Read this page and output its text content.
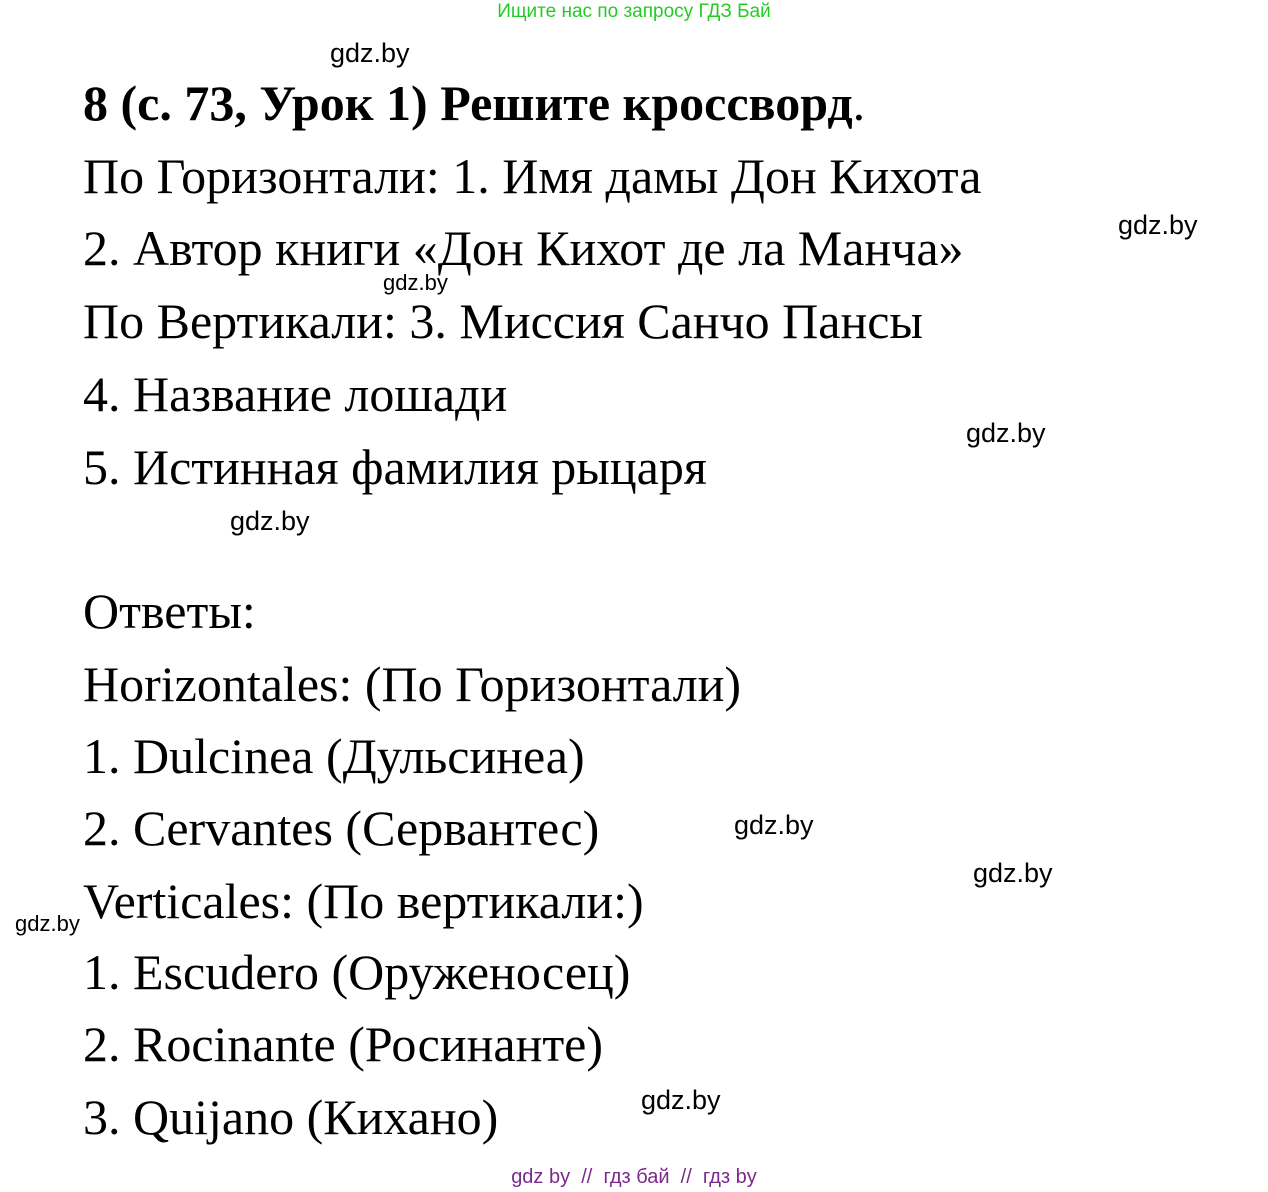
Ищите нас по запросу ГДЗ Бай
8 (с. 73, Урок 1) Решите кроссворд.
По Горизонтали: 1. Имя дамы Дон Кихота
2. Автор книги «Дон Кихот де ла Манча»
По Вертикали: 3. Миссия Санчо Пансы
4. Название лошади
5. Истинная фамилия рыцаря
Ответы:
Horizontales: (По Горизонтали)
1. Dulcinea (Дульсинеа)
2. Cervantes (Сервантес)
Verticales: (По вертикали:)
1. Escudero (Оруженосец)
2. Rocinante (Росинанте)
3. Quijano (Кихано)
gdz.by
gdz.by
gdz.by
gdz.by
gdz.by
gdz.by
gdz.by
gdz.by
gdz.by
gdz by  //  гдз бай  //  гдз by
